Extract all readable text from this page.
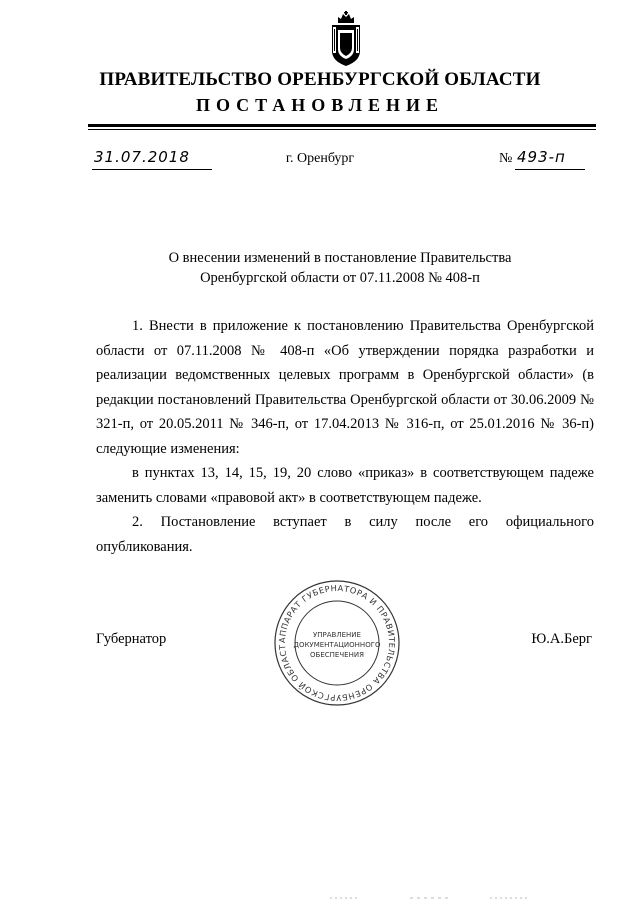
ПРАВИТЕЛЬСТВО ОРЕНБУРГСКОЙ ОБЛАСТИ
ПОСТАНОВЛЕНИЕ
31.07.2018	г. Оренбург	№ 493-п
О внесении изменений в постановление Правительства
Оренбургской области от 07.11.2008 № 408-п

1. Внести в приложение к постановлению Правительства Оренбургской области от 07.11.2008 № 408-п «Об утверждении порядка разработки и реализации ведомственных целевых программ в Оренбургской области» (в редакции постановлений Правительства Оренбургской области от 30.06.2009 № 321-п, от 20.05.2011 № 346-п, от 17.04.2013 № 316-п, от 25.01.2016 № 36-п) следующие изменения:

в пунктах 13, 14, 15, 19, 20 слово «приказ» в соответствующем падеже заменить словами «правовой акт» в соответствующем падеже.

2. Постановление вступает в силу после его официального опубликования.

Губернатор	Ю.А.Берг
АППАРАТ ГУБЕРНАТОРА И ПРАВИТЕЛЬСТВА ОРЕНБУРГСКОЙ ОБЛАСТ
УПРАВЛЕНИЕ
ДОКУМЕНТАЦИОННОГО
ОБЕСПЕЧЕНИЯ
